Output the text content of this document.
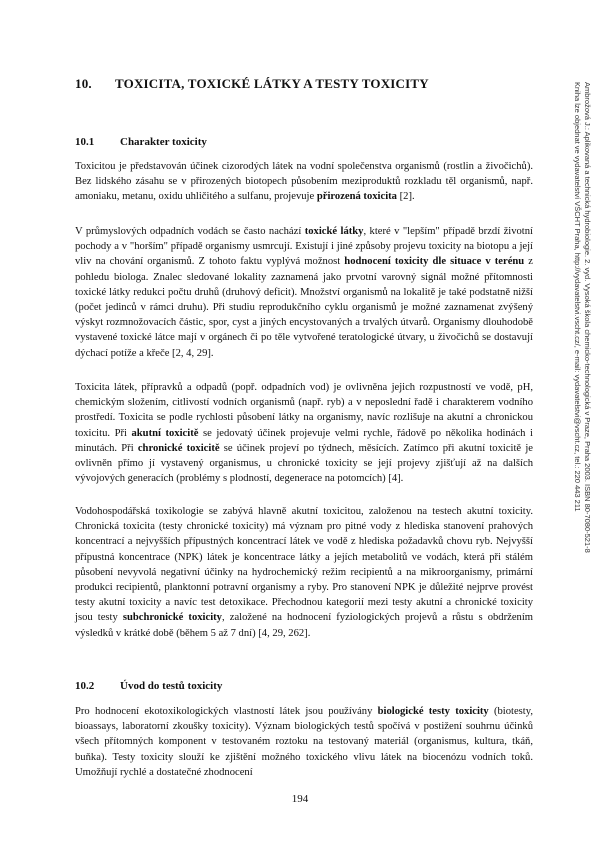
10. TOXICITA, TOXICKÉ LÁTKY A TESTY TOXICITY
10.1 Charakter toxicity

Toxicitou je představován účinek cizorodých látek na vodní společenstva organismů (rostlin a živočichů). Bez lidského zásahu se v přirozených biotopech působením meziproduktů rozkladu těl organismů, např. amoniaku, metanu, oxidu uhličitého a sulfanu, projevuje přirozená toxicita [2].

V průmyslových odpadních vodách se často nachází toxické látky, které v "lepším" případě brzdí životní pochody a v "horším" případě organismy usmrcují. Existují i jiné způsoby projevu toxicity na biotopu a její vliv na chování organismů. Z tohoto faktu vyplývá možnost hodnocení toxicity dle situace v terénu z pohledu biologa. Znalec sledované lokality zaznamená jako prvotní varovný signál možné přítomnosti toxické látky redukci počtu druhů (druhový deficit). Množství organismů na lokalitě je také podstatně nižší (počet jedinců v rámci druhu). Při studiu reprodukčního cyklu organismů je možné zaznamenat zvýšený výskyt rozmnožovacích částic, spor, cyst a jiných encystovaných a trvalých útvarů. Organismy dlouhodobě vystavené toxické látce mají v orgánech či po těle vytvořené teratologické útvary, u živočichů se dostavují dýchací potíže a křeče [2, 4, 29].

Toxicita látek, přípravků a odpadů (popř. odpadních vod) je ovlivněna jejich rozpustností ve vodě, pH, chemickým složením, citlivostí vodních organismů (např. ryb) a v neposlední řadě i charakterem vodního prostředí. Toxicita se podle rychlosti působení látky na organismy, navíc rozlišuje na akutní a chronickou toxicitu. Při akutní toxicitě se jedovatý účinek projevuje velmi rychle, řádově po několika hodinách i minutách. Při chronické toxicitě se účinek projeví po týdnech, měsících. Zatímco při akutní toxicitě je ovlivněn přímo jí vystavený organismus, u chronické toxicity se její projevy zjišťují až na dalších vývojových generacích (problémy s plodností, degenerace na potomcích) [4].

Vodohospodářská toxikologie se zabývá hlavně akutní toxicitou, založenou na testech akutní toxicity. Chronická toxicita (testy chronické toxicity) má význam pro pitné vody z hlediska stanovení prahových koncentrací a nejvyšších přípustných koncentrací látek ve vodě z hlediska požadavků chovu ryb. Nejvyšší přípustná koncentrace (NPK) látek je koncentrace látky a jejích metabolitů ve vodách, která při stálém působení nevyvolá negativní účinky na hydrochemický režim recipientů a na mikroorganismy, primární produkci recipientů, planktonní potravní organismy a ryby. Pro stanovení NPK je důležité nejprve provést testy akutní toxicity a navíc test detoxikace. Přechodnou kategorií mezi testy akutní a chronické toxicity jsou testy subchronické toxicity, založené na hodnocení fyziologických projevů a růstu s obdržením výsledků v krátké době (během 5 až 7 dní) [4, 29, 262].

10.2 Úvod do testů toxicity

Pro hodnocení ekotoxikologických vlastností látek jsou používány biologické testy toxicity (biotesty, bioassays, laboratorní zkoušky toxicity). Význam biologických testů spočívá v postižení souhrnu účinků všech přítomných komponent v testovaném roztoku na testovaný materiál (organismus, kultura, tkáň, buňka). Testy toxicity slouží ke zjištění možného toxického vlivu látek na biocenózu vodních toků. Umožňují rychlé a dostatečné zhodnocení

Ambrožová J.: Aplikovaná a technická hydrobiologie. 2. vyd. Vysoká škola chemicko-technologická v Praze, Praha 2003. ISBN 80-7080-521-8
Kniha lze objednat ve vydavatelství VŠCHT Praha, http://vydavatelstvi.vscht.cz/, e-mail: vydavatelstvi@vscht.cz, tel.: 220 443 211

194
